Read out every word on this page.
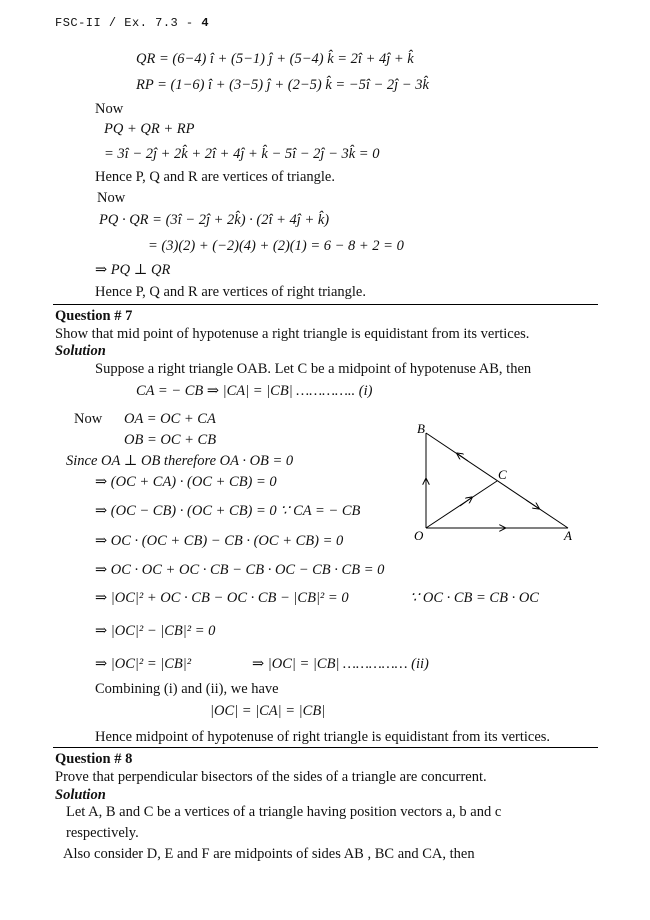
FSC-II / Ex. 7.3 - 4
QR = (6−4) î + (5−1) ĵ + (5−4) k̂ = 2î + 4ĵ + k̂
RP = (1−6) î + (3−5) ĵ + (2−5) k̂ = −5î − 2ĵ − 3k̂
Now
PQ + QR + RP
= 3î − 2ĵ + 2k̂ + 2î + 4ĵ + k̂ − 5î − 2ĵ − 3k̂ = 0
Hence P, Q and R are vertices of triangle.
Now
PQ · QR = (3î − 2ĵ + 2k̂) · (2î + 4ĵ + k̂)
= (3)(2) + (−2)(4) + (2)(1) = 6 − 8 + 2 = 0
⇒ PQ ⊥ QR
Hence P, Q and R are vertices of right triangle.
Question # 7
Show that mid point of hypotenuse a right triangle is equidistant from its vertices.
Solution
Suppose a right triangle OAB. Let C be a midpoint of hypotenuse AB, then
CA = − CB ⇒ |CA| = |CB| ………….. (i)
Now OA = OC + CA
OB = OC + CB
Since OA ⊥ OB therefore OA · OB = 0
⇒ (OC + CA) · (OC + CB) = 0
⇒ (OC − CB) · (OC + CB) = 0 ∵ CA = − CB
⇒ OC · (OC + CB) − CB · (OC + CB) = 0
⇒ OC · OC + OC · CB − CB · OC − CB · CB = 0
⇒ |OC|² + OC · CB − OC · CB − |CB|² = 0	∵ OC · CB = CB · OC
⇒ |OC|² − |CB|² = 0
⇒ |OC|² = |CB|²	⇒ |OC| = |CB| …………… (ii)
Combining (i) and (ii), we have
|OC| = |CA| = |CB|
Hence midpoint of hypotenuse of right triangle is equidistant from its vertices.
B
C
O	A
Question # 8
Prove that perpendicular bisectors of the sides of a triangle are concurrent.
Solution
Let A, B and C be a vertices of a triangle having position vectors a, b and c
respectively.
Also consider D, E and F are midpoints of sides AB , BC and CA, then
